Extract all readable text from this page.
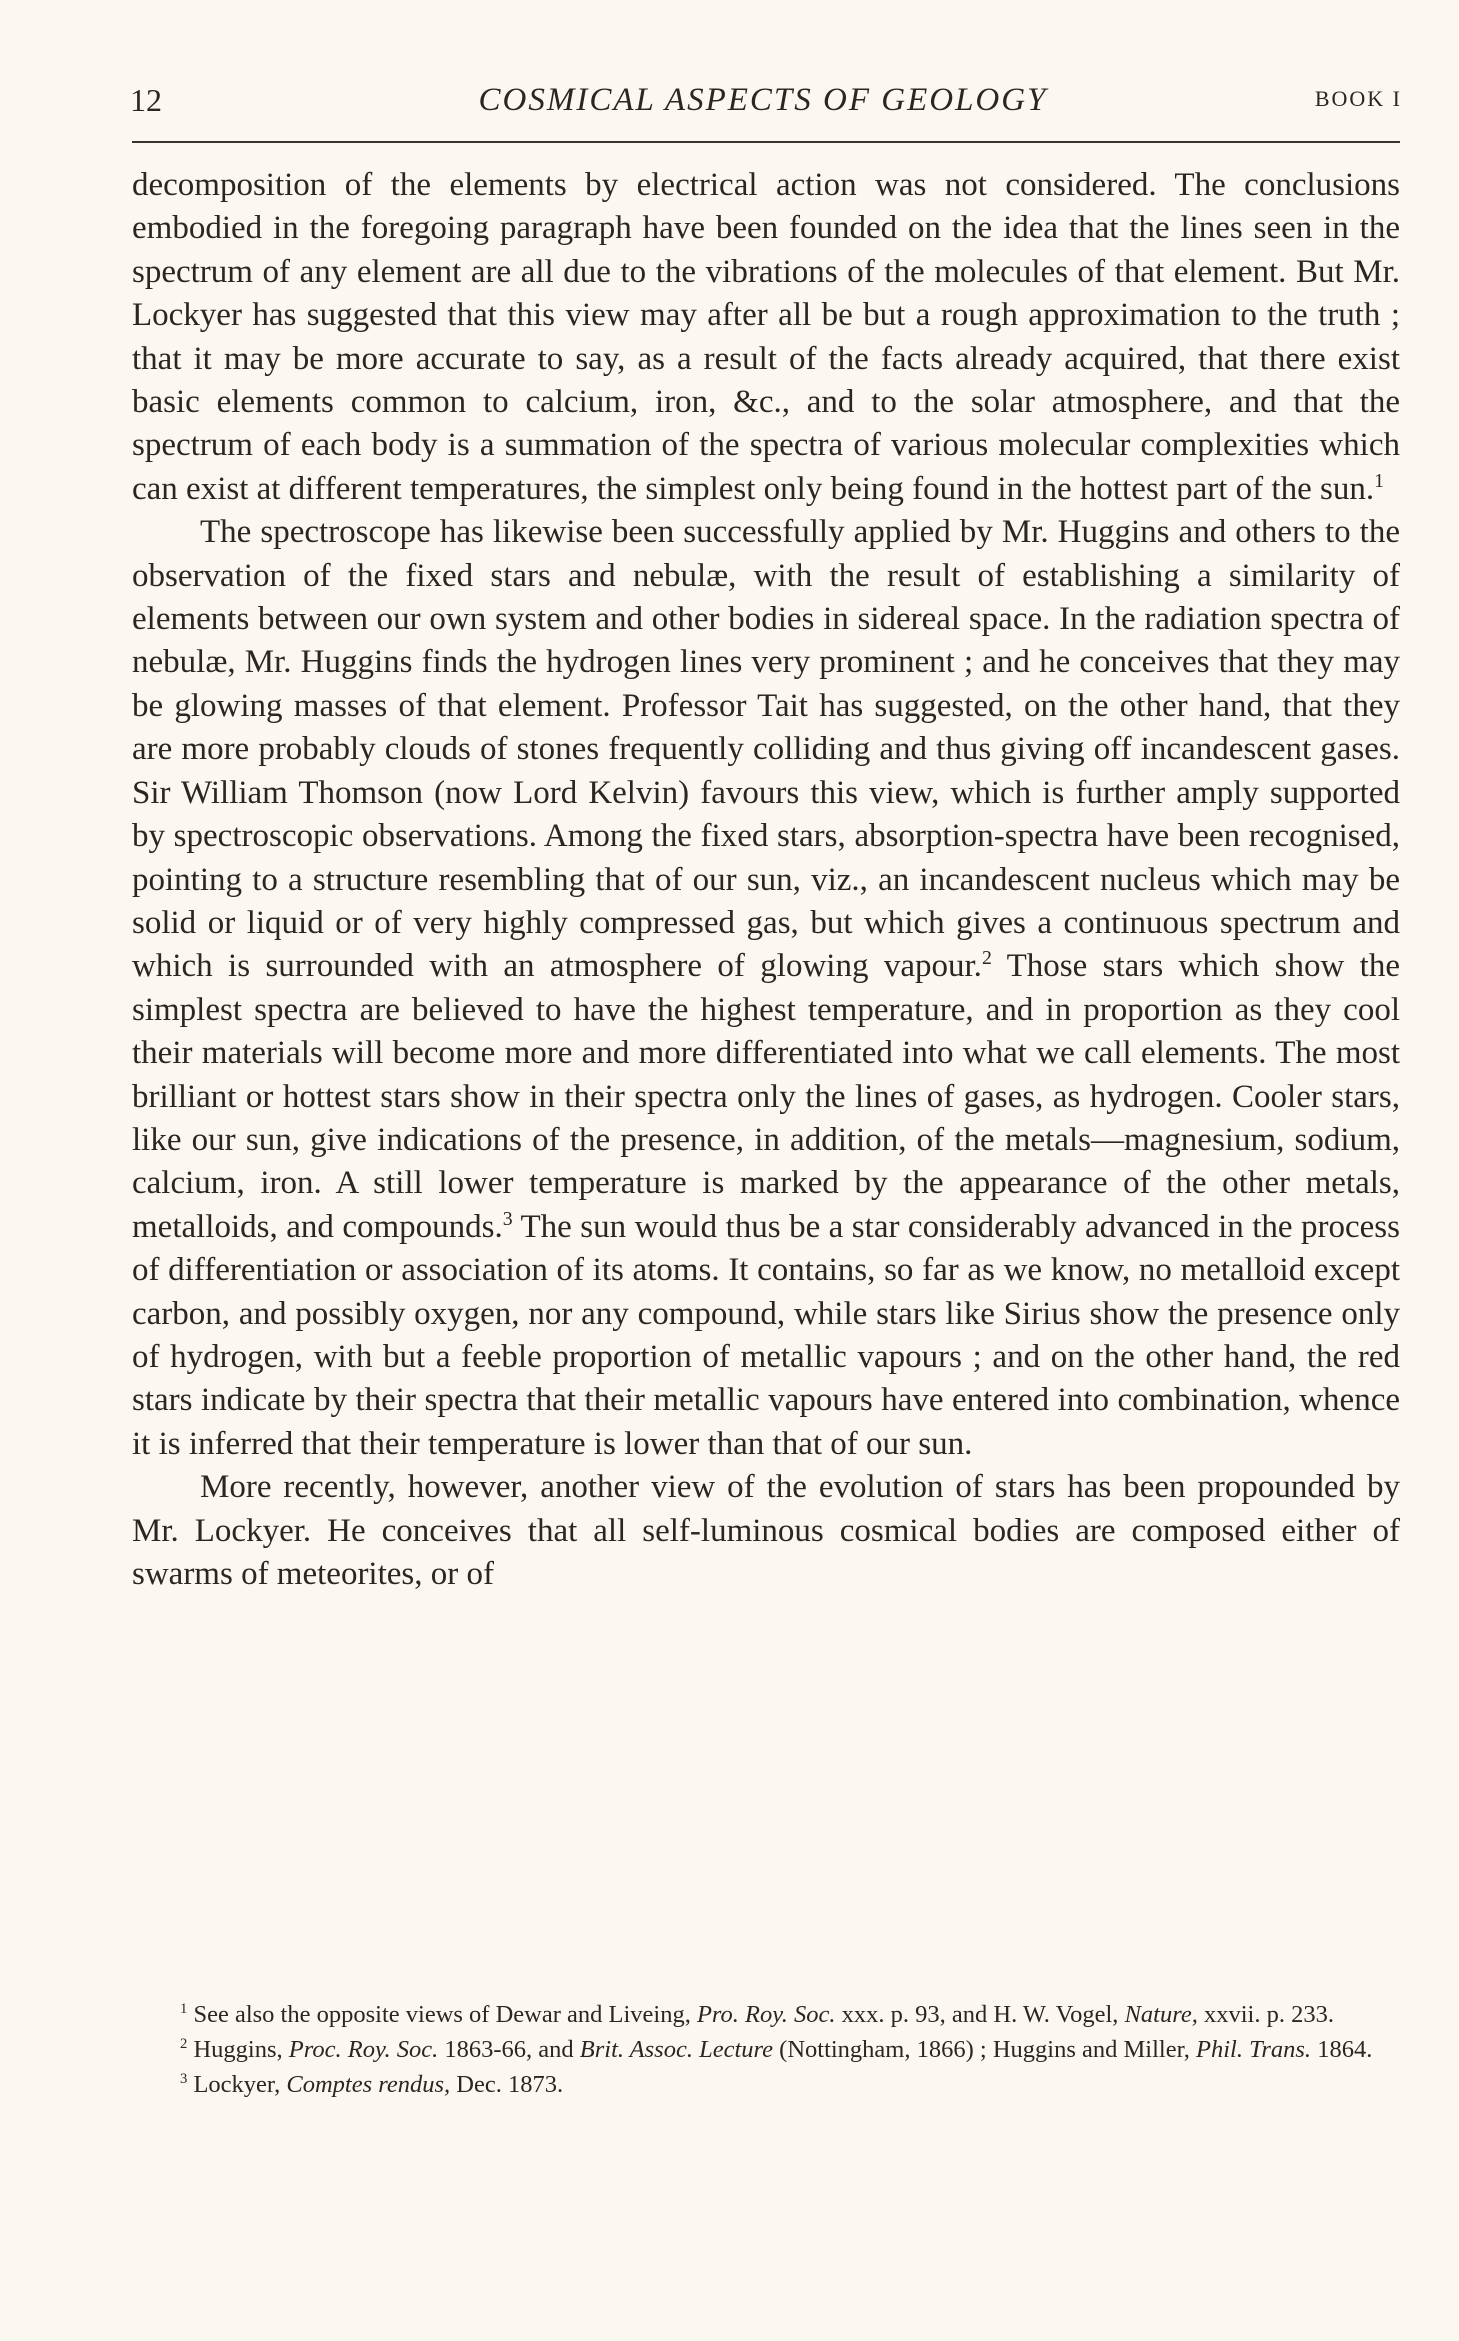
12	COSMICAL ASPECTS OF GEOLOGY	BOOK I

decomposition of the elements by electrical action was not considered. The conclusions embodied in the foregoing paragraph have been founded on the idea that the lines seen in the spectrum of any element are all due to the vibrations of the molecules of that element. But Mr. Lockyer has suggested that this view may after all be but a rough approximation to the truth ; that it may be more accurate to say, as a result of the facts already acquired, that there exist basic elements common to calcium, iron, &c., and to the solar atmosphere, and that the spectrum of each body is a summation of the spectra of various molecular complexities which can exist at different temperatures, the simplest only being found in the hottest part of the sun.$^1$

The spectroscope has likewise been successfully applied by Mr. Huggins and others to the observation of the fixed stars and nebulæ, with the result of establishing a similarity of elements between our own system and other bodies in sidereal space. In the radiation spectra of nebulæ, Mr. Huggins finds the hydrogen lines very prominent ; and he conceives that they may be glowing masses of that element. Professor Tait has suggested, on the other hand, that they are more probably clouds of stones frequently colliding and thus giving off incandescent gases. Sir William Thomson (now Lord Kelvin) favours this view, which is further amply supported by spectroscopic observations. Among the fixed stars, absorption-spectra have been recognised, pointing to a structure resembling that of our sun, viz., an incandescent nucleus which may be solid or liquid or of very highly compressed gas, but which gives a continuous spectrum and which is surrounded with an atmosphere of glowing vapour.$^2$ Those stars which show the simplest spectra are believed to have the highest temperature, and in proportion as they cool their materials will become more and more differentiated into what we call elements. The most brilliant or hottest stars show in their spectra only the lines of gases, as hydrogen. Cooler stars, like our sun, give indications of the presence, in addition, of the metals—magnesium, sodium, calcium, iron. A still lower temperature is marked by the appearance of the other metals, metalloids, and compounds.$^3$ The sun would thus be a star considerably advanced in the process of differentiation or association of its atoms. It contains, so far as we know, no metalloid except carbon, and possibly oxygen, nor any compound, while stars like Sirius show the presence only of hydrogen, with but a feeble proportion of metallic vapours ; and on the other hand, the red stars indicate by their spectra that their metallic vapours have entered into combination, whence it is inferred that their temperature is lower than that of our sun.

More recently, however, another view of the evolution of stars has been propounded by Mr. Lockyer. He conceives that all self-luminous cosmical bodies are composed either of swarms of meteorites, or of

$^1$ See also the opposite views of Dewar and Liveing, Pro. Roy. Soc. xxx. p. 93, and H. W. Vogel, Nature, xxvii. p. 233.

$^2$ Huggins, Proc. Roy. Soc. 1863-66, and Brit. Assoc. Lecture (Nottingham, 1866) ; Huggins and Miller, Phil. Trans. 1864.

$^3$ Lockyer, Comptes rendus, Dec. 1873.
